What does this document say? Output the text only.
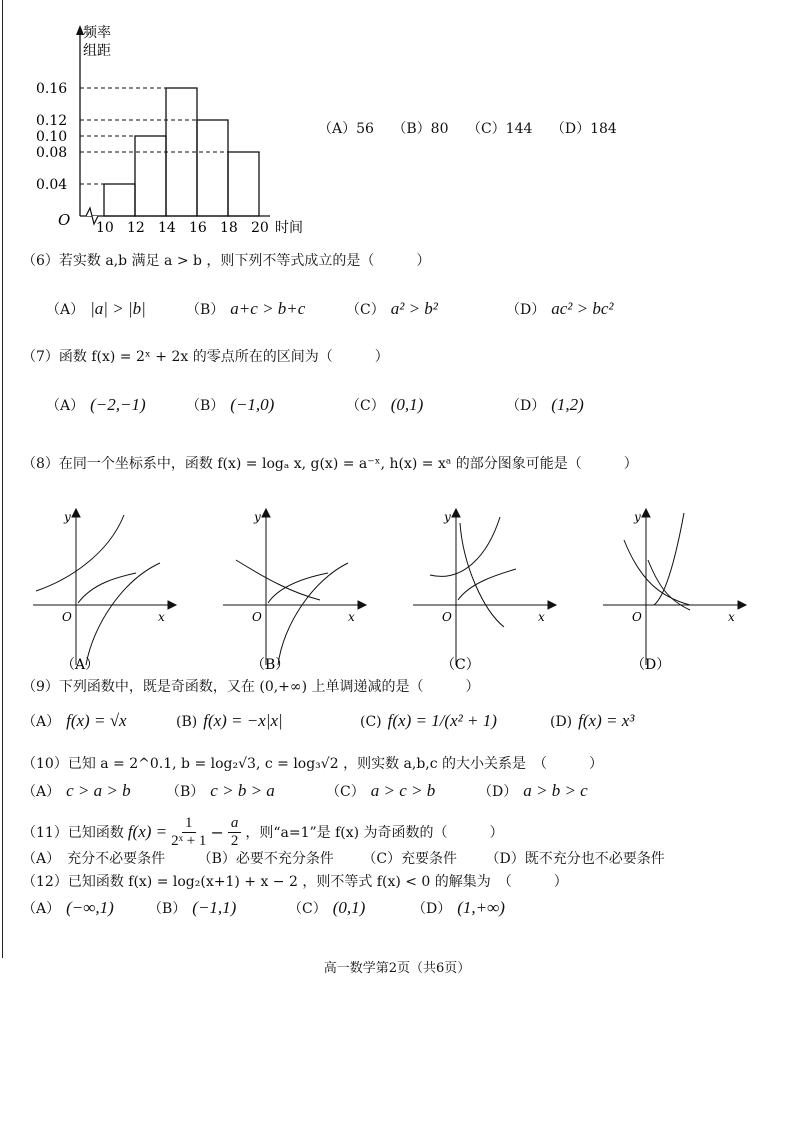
频率
组距
O	时间
0.16
0.12
0.10
0.08
0.04
10 12 14 16 18 20
（A）56 （B）80 （C）144 （D）184
（6）若实数 a,b 满足 a > b ，则下列不等式成立的是（　　　）
（A） |a| > |b|	（B） a+c > b+c	（C） a² > b²	（D） ac² > bc²
（7）函数 f(x) = 2ˣ + 2x 的零点所在的区间为（　　　）
（A） (−2,−1)	（B） (−1,0)	（C） (0,1)	（D） (1,2)
（8）在同一个坐标系中，函数 f(x) = logₐ x, g(x) = a⁻ˣ, h(x) = xᵃ 的部分图象可能是（　　　）
y
x
O
（A）
y
x
O
（B）
y
x
O
（C）
y
x
O
（D）
（9）下列函数中，既是奇函数，又在 (0,+∞) 上单调递减的是（　　　）
（A） f(x) = √x	(B) f(x) = −x|x|	(C) f(x) = 1/(x² + 1)	(D) f(x) = x³
（10）已知 a = 2^0.1, b = log₂√3, c = log₃√2 ，则实数 a,b,c 的大小关系是　（　　　）
（A） c > a > b	（B） c > b > a	（C） a > c > b	（D） a > b > c
（11）已知函数 $f(x) = \frac{1}{\text{2ˣ + 1}} - \frac{a}{2}$ ，则“a=1”是 f(x) 为奇函数的（　　　）
（A）　充分不必要条件 （B）必要不充分条件 （C）充要条件 （D）既不充分也不必要条件
（12）已知函数 f(x) = log₂(x+1) + x − 2 ，则不等式 f(x) < 0 的解集为　（　　　）
（A） (−∞,1) （B） (−1,1)	（C） (0,1)	（D） (1,+∞)
高一数学第2页（共6页）
